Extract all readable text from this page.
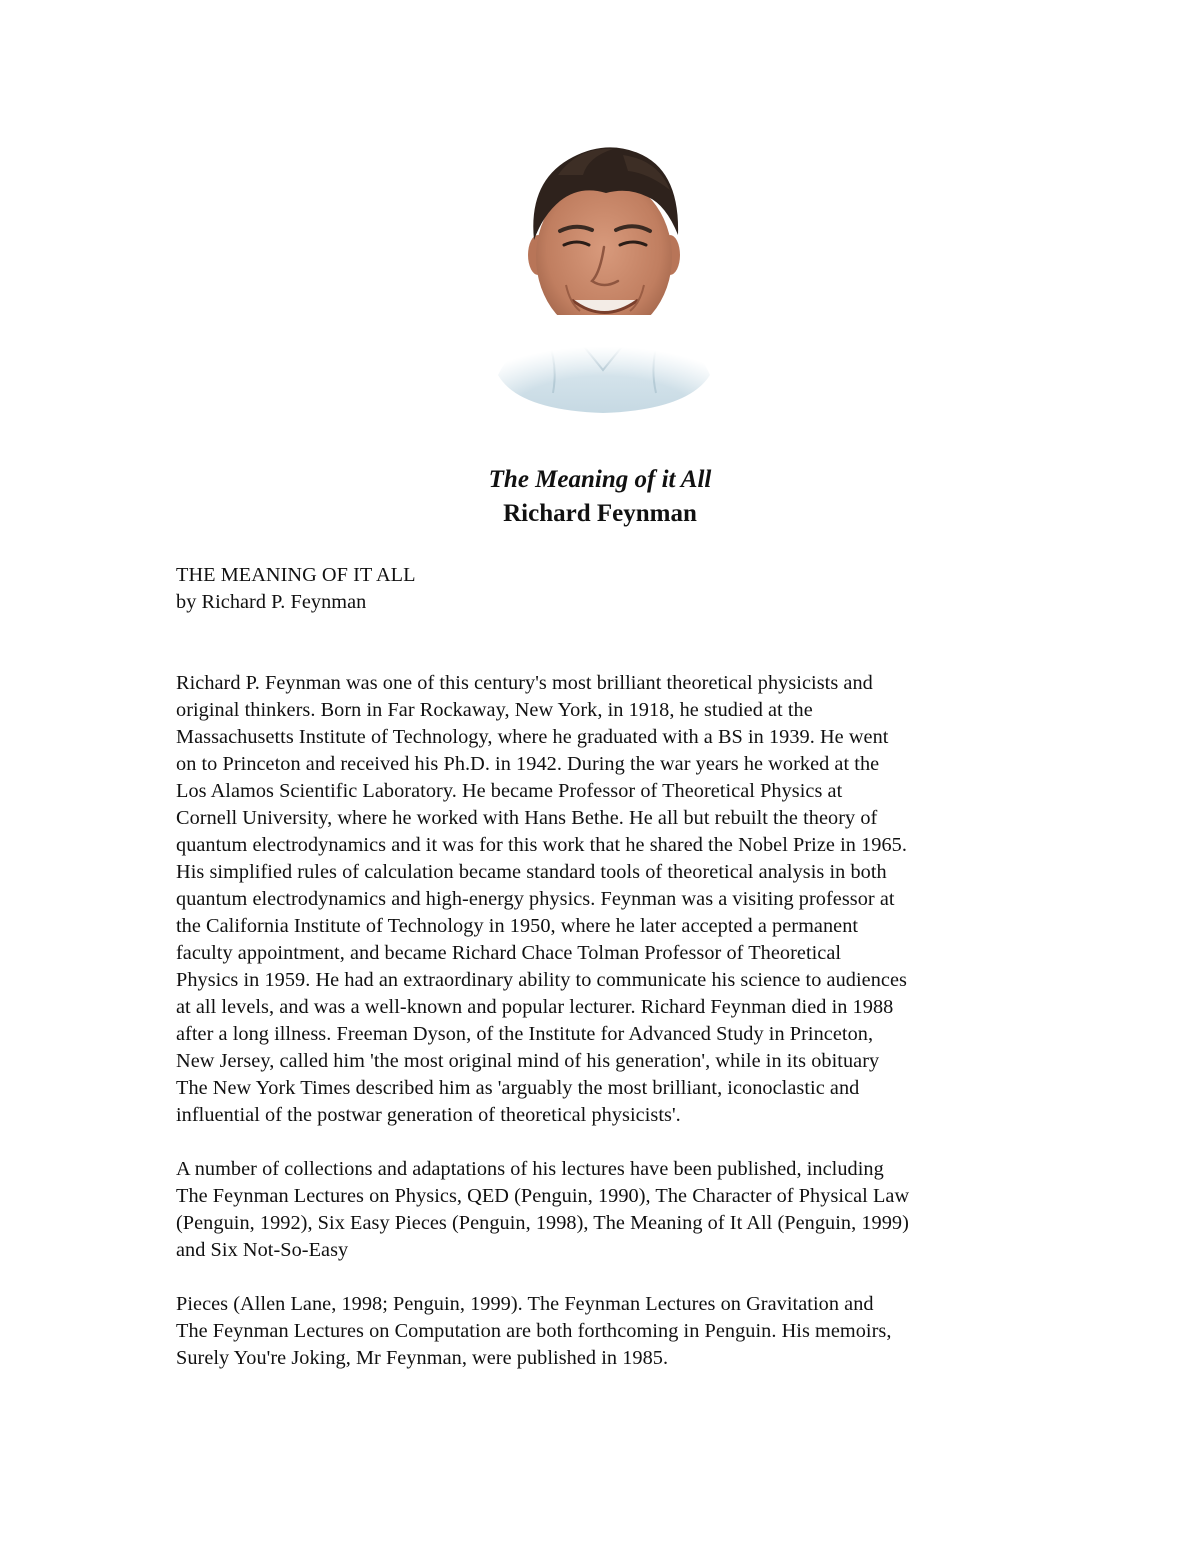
The Meaning of it All

Richard Feynman

THE MEANING OF IT ALL
by Richard P. Feynman

Richard P. Feynman was one of this century's most brilliant theoretical physicists and
original thinkers. Born in Far Rockaway, New York, in 1918, he studied at the
Massachusetts Institute of Technology, where he graduated with a BS in 1939. He went
on to Princeton and received his Ph.D. in 1942. During the war years he worked at the
Los Alamos Scientific Laboratory. He became Professor of Theoretical Physics at
Cornell University, where he worked with Hans Bethe. He all but rebuilt the theory of
quantum electrodynamics and it was for this work that he shared the Nobel Prize in 1965.
His simplified rules of calculation became standard tools of theoretical analysis in both
quantum electrodynamics and high-energy physics. Feynman was a visiting professor at
the California Institute of Technology in 1950, where he later accepted a permanent
faculty appointment, and became Richard Chace Tolman Professor of Theoretical
Physics in 1959. He had an extraordinary ability to communicate his science to audiences
at all levels, and was a well-known and popular lecturer. Richard Feynman died in 1988
after a long illness. Freeman Dyson, of the Institute for Advanced Study in Princeton,
New Jersey, called him 'the most original mind of his generation', while in its obituary
The New York Times described him as 'arguably the most brilliant, iconoclastic and
influential of the postwar generation of theoretical physicists'.

A number of collections and adaptations of his lectures have been published, including
The Feynman Lectures on Physics, QED (Penguin, 1990), The Character of Physical Law
(Penguin, 1992), Six Easy Pieces (Penguin, 1998), The Meaning of It All (Penguin, 1999)
and Six Not-So-Easy

Pieces (Allen Lane, 1998; Penguin, 1999). The Feynman Lectures on Gravitation and
The Feynman Lectures on Computation are both forthcoming in Penguin. His memoirs,
Surely You're Joking, Mr Feynman, were published in 1985.
